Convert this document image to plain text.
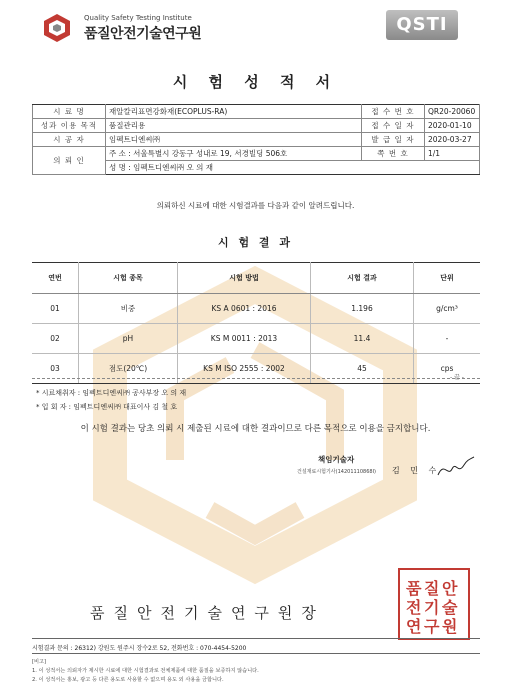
Quality Safety Testing Institute
품질안전기술연구원	QSTI
시 험 성 적 서
시 료 명	재알칼리표면강화재(ECOPLUS-RA)	접 수 번 호	QR20-20060
성과 이용 목적	품질관리용	접 수 일 자	2020-01-10
시 공 자	임펙트디엔씨㈜	발 급 일 자	2020-03-27
의 뢰 인	주 소 : 서울특별시 강동구 성내로 19, 서경빌딩 506호	쪽 번 호	1/1
	성 명 : 임펙트디엔씨㈜ 오 의 재		
의뢰하신 시료에 대한 시험결과를 다음과 같이 알려드립니다.
시 험 결 과
연번	시험 종목	시험 방법	시험 결과	단위
01	비중	KS A 0601 : 2016	1.196	g/cm³
02	pH	KS M 0011 : 2013	11.4	-
03	점도(20℃)	KS M ISO 2555 : 2002	45	cps
- 끝 -
* 시료채취자 : 임펙트디엔씨㈜ 공사부장 오 의 재
* 입 회 자 : 임펙트디엔씨㈜ 대표이사 김 철 호
이 시험 결과는 당초 의뢰 시 제출된 시료에 대한 결과이므로 다른 목적으로 이용을 금지합니다.
책임기술자
건설재료시험기사(14201110868I) 김 민 수
품질안전기술연구원장
품 질 안
전 기 술
연 구 원
시험결과 문의 : 26312) 강원도 원주시 장수2로 52, 전화번호 : 070-4454-5200
[비고]
1. 이 성적서는 의뢰자가 제시한 시료에 대한 시험결과로 전체제품에 대한 품질을 보증하지 않습니다.
2. 이 성적서는 홍보, 광고 등 다른 용도로 사용할 수 없으며 용도 외 사용을 금합니다.
